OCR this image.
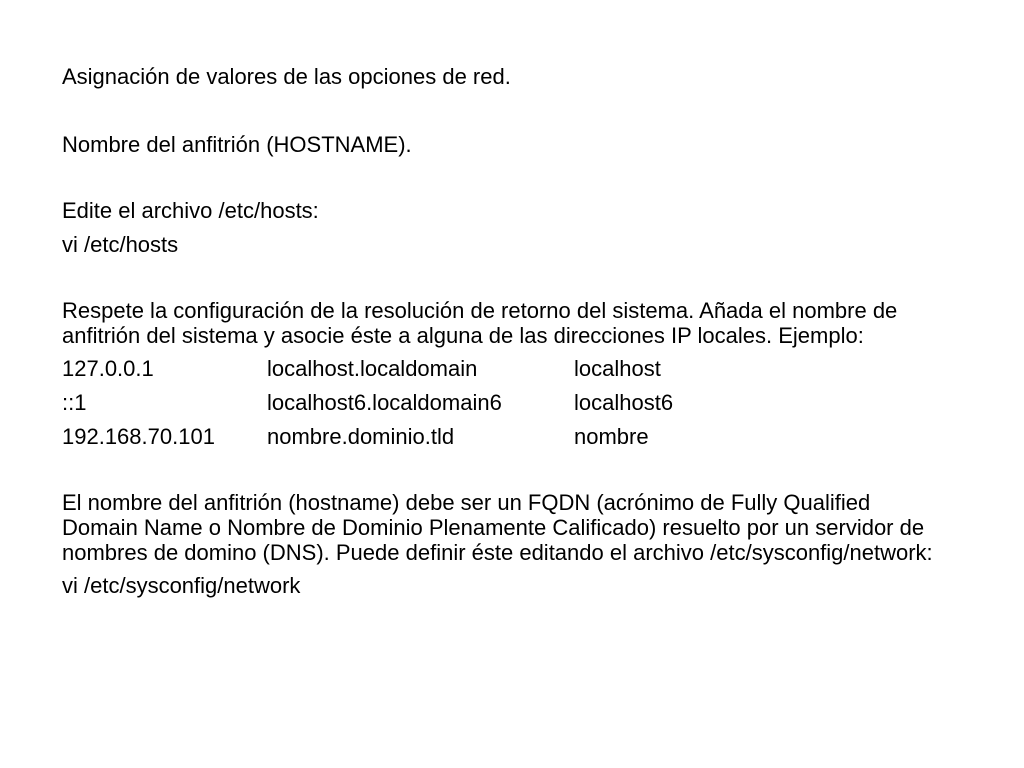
Asignación de valores de las opciones de red.

Nombre del anfitrión (HOSTNAME).

Edite el archivo /etc/hosts:

vi /etc/hosts

Respete la configuración de la resolución de retorno del sistema. Añada el nombre de anfitrión del sistema y asocie éste a alguna de las direcciones IP locales. Ejemplo:

127.0.0.1	localhost.localdomain	localhost
::1	localhost6.localdomain6	localhost6
192.168.70.101	nombre.dominio.tld	nombre

El nombre del anfitrión (hostname) debe ser un FQDN (acrónimo de Fully Qualified Domain Name o Nombre de Dominio Plenamente Calificado) resuelto por un servidor de nombres de domino (DNS). Puede definir éste editando el archivo /etc/sysconfig/network:

vi /etc/sysconfig/network
